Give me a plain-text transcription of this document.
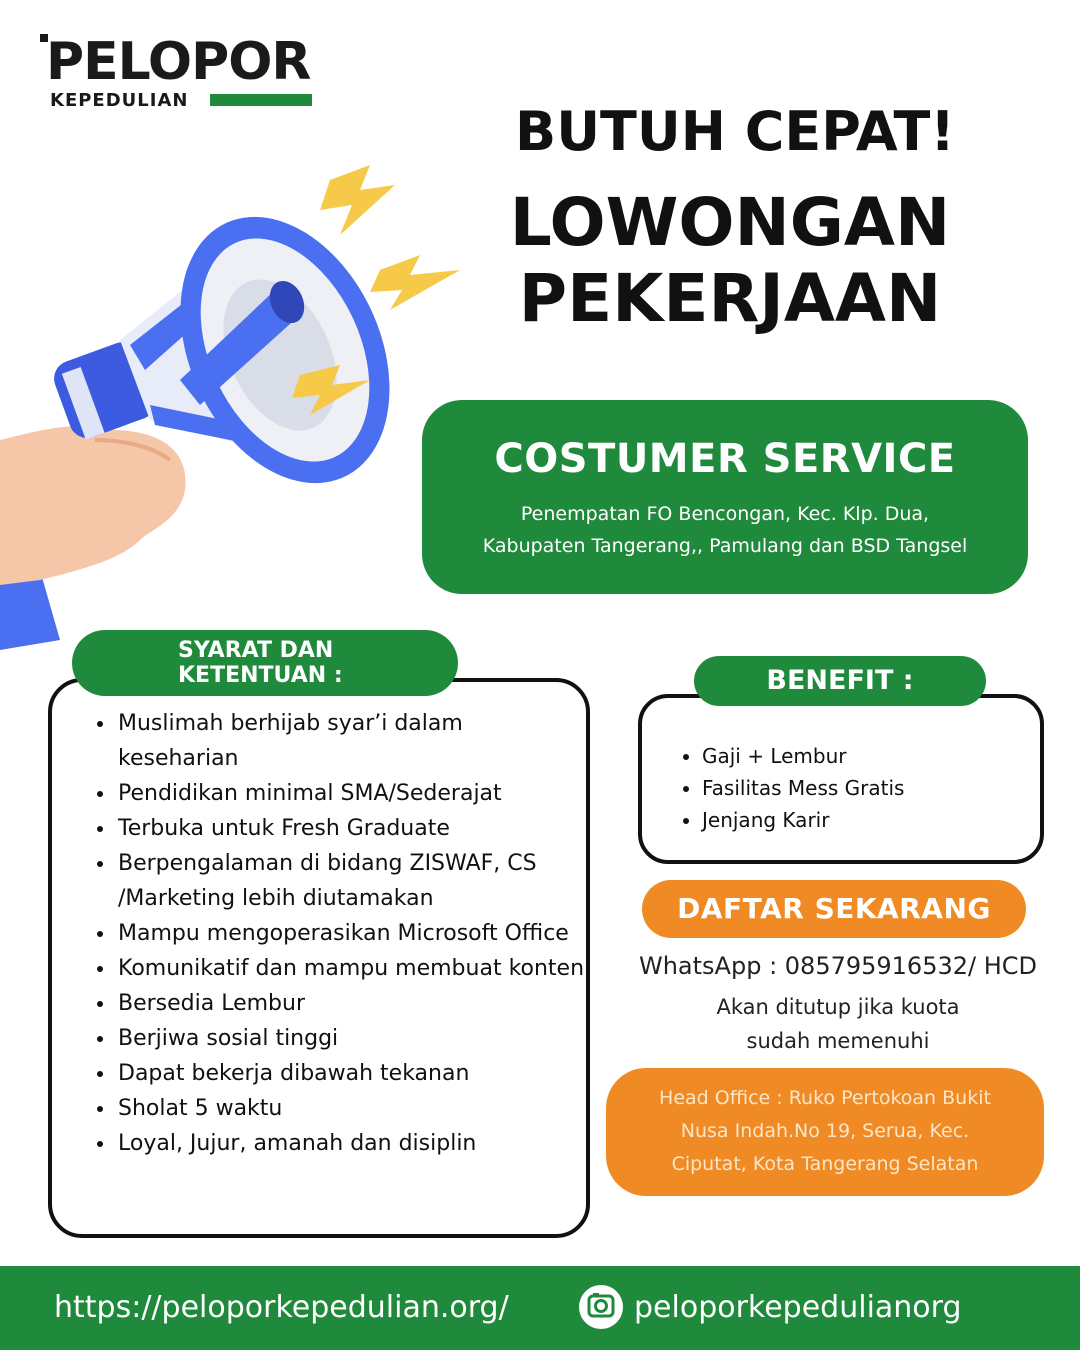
PELOPOR
KEPEDULIAN	BUTUH CEPAT!
LOWONGAN
PEKERJAAN
COSTUMER SERVICE
Penempatan FO Bencongan, Kec. Klp. Dua,
Kabupaten Tangerang,, Pamulang dan BSD Tangsel
• Muslimah berhijab syar’i dalam keseharian
• Pendidikan minimal SMA/Sederajat
• Terbuka untuk Fresh Graduate
• Berpengalaman di bidang ZISWAF, CS /Marketing lebih diutamakan
• Mampu mengoperasikan Microsoft Office
• Komunikatif dan mampu membuat konten
• Bersedia Lembur
• Berjiwa sosial tinggi
• Dapat bekerja dibawah tekanan
• Sholat 5 waktu
• Loyal, Jujur, amanah dan disiplin
SYARAT DAN
KETENTUAN :
• Gaji + Lembur
• Fasilitas Mess Gratis
• Jenjang Karir
BENEFIT :
DAFTAR SEKARANG
WhatsApp : 085795916532/ HCD
Akan ditutup jika kuota
sudah memenuhi
Head Office : Ruko Pertokoan Bukit
Nusa Indah.No 19, Serua, Kec.
Ciputat, Kota Tangerang Selatan
https://peloporkepedulian.org/	peloporkepedulianorg
